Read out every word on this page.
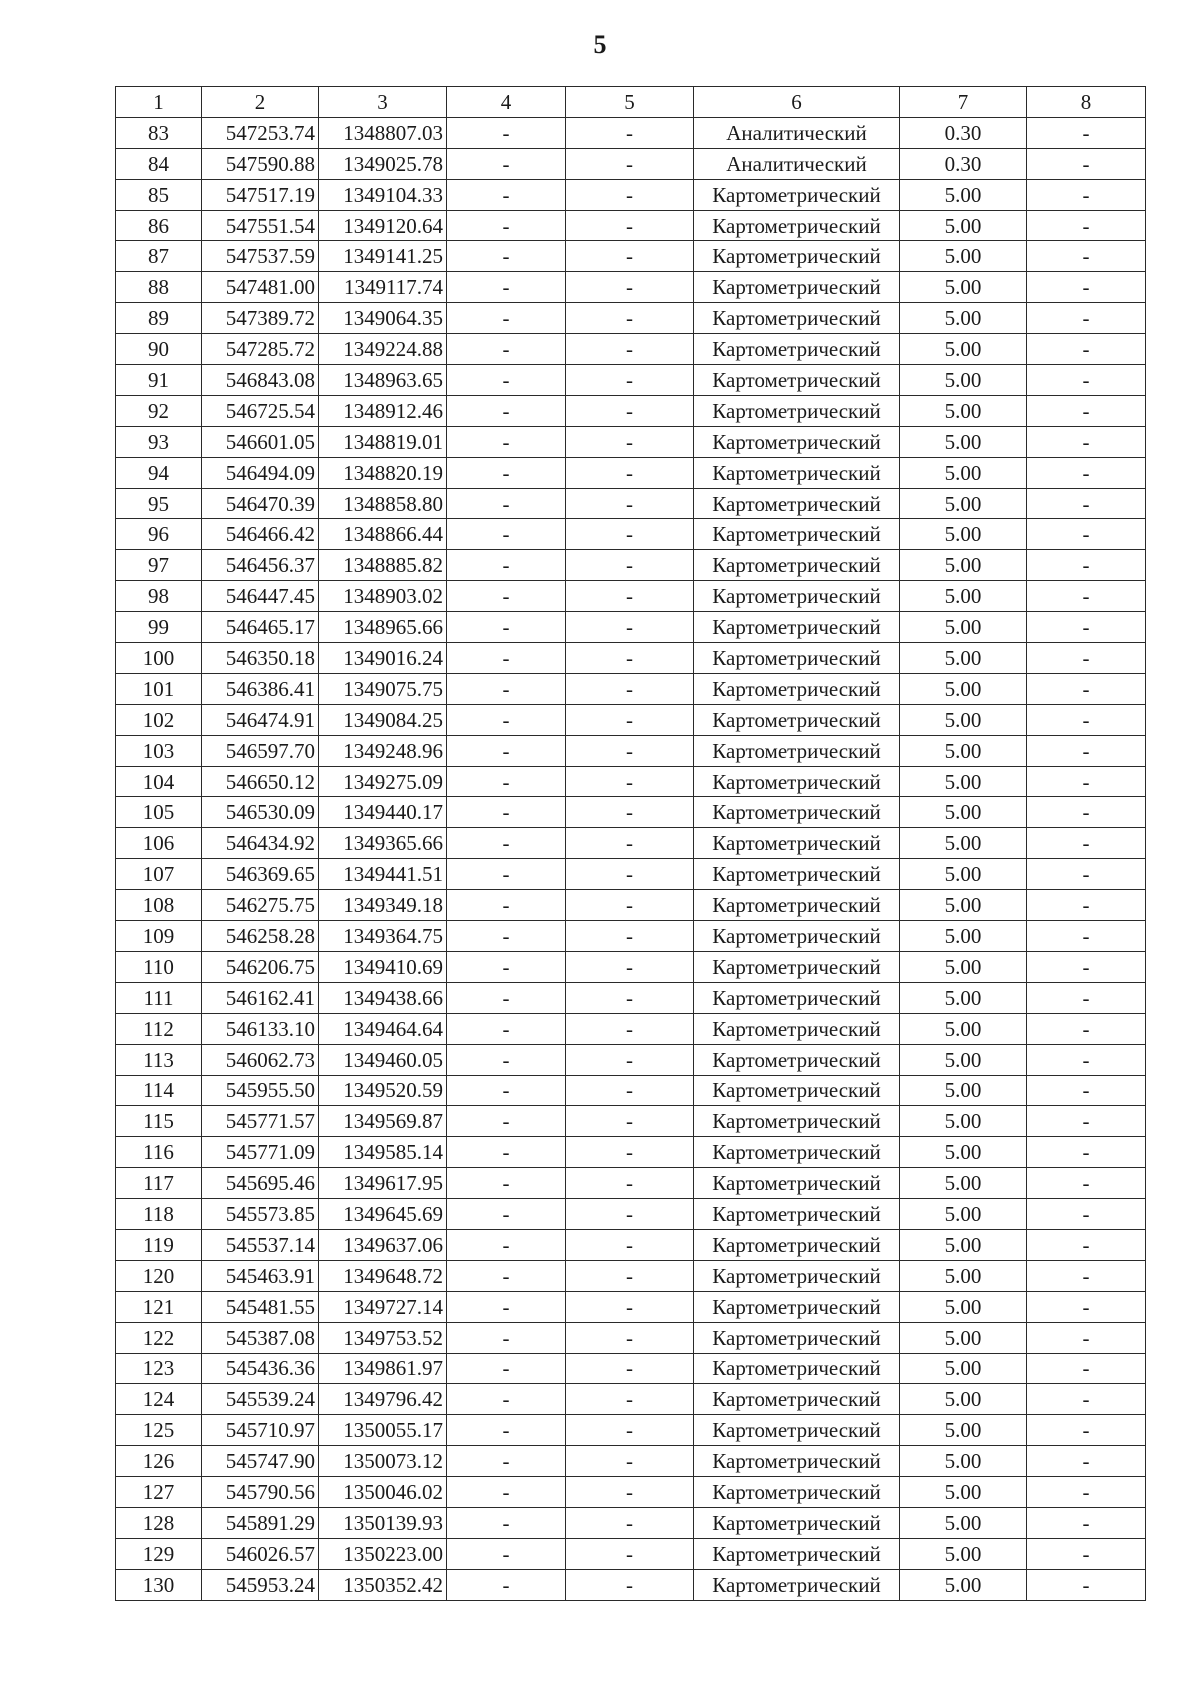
5
1	2	3	4	5	6	7	8
83	547253.74	1348807.03	-	-	Аналитический	0.30	-
84	547590.88	1349025.78	-	-	Аналитический	0.30	-
85	547517.19	1349104.33	-	-	Картометрический	5.00	-
86	547551.54	1349120.64	-	-	Картометрический	5.00	-
87	547537.59	1349141.25	-	-	Картометрический	5.00	-
88	547481.00	1349117.74	-	-	Картометрический	5.00	-
89	547389.72	1349064.35	-	-	Картометрический	5.00	-
90	547285.72	1349224.88	-	-	Картометрический	5.00	-
91	546843.08	1348963.65	-	-	Картометрический	5.00	-
92	546725.54	1348912.46	-	-	Картометрический	5.00	-
93	546601.05	1348819.01	-	-	Картометрический	5.00	-
94	546494.09	1348820.19	-	-	Картометрический	5.00	-
95	546470.39	1348858.80	-	-	Картометрический	5.00	-
96	546466.42	1348866.44	-	-	Картометрический	5.00	-
97	546456.37	1348885.82	-	-	Картометрический	5.00	-
98	546447.45	1348903.02	-	-	Картометрический	5.00	-
99	546465.17	1348965.66	-	-	Картометрический	5.00	-
100	546350.18	1349016.24	-	-	Картометрический	5.00	-
101	546386.41	1349075.75	-	-	Картометрический	5.00	-
102	546474.91	1349084.25	-	-	Картометрический	5.00	-
103	546597.70	1349248.96	-	-	Картометрический	5.00	-
104	546650.12	1349275.09	-	-	Картометрический	5.00	-
105	546530.09	1349440.17	-	-	Картометрический	5.00	-
106	546434.92	1349365.66	-	-	Картометрический	5.00	-
107	546369.65	1349441.51	-	-	Картометрический	5.00	-
108	546275.75	1349349.18	-	-	Картометрический	5.00	-
109	546258.28	1349364.75	-	-	Картометрический	5.00	-
110	546206.75	1349410.69	-	-	Картометрический	5.00	-
111	546162.41	1349438.66	-	-	Картометрический	5.00	-
112	546133.10	1349464.64	-	-	Картометрический	5.00	-
113	546062.73	1349460.05	-	-	Картометрический	5.00	-
114	545955.50	1349520.59	-	-	Картометрический	5.00	-
115	545771.57	1349569.87	-	-	Картометрический	5.00	-
116	545771.09	1349585.14	-	-	Картометрический	5.00	-
117	545695.46	1349617.95	-	-	Картометрический	5.00	-
118	545573.85	1349645.69	-	-	Картометрический	5.00	-
119	545537.14	1349637.06	-	-	Картометрический	5.00	-
120	545463.91	1349648.72	-	-	Картометрический	5.00	-
121	545481.55	1349727.14	-	-	Картометрический	5.00	-
122	545387.08	1349753.52	-	-	Картометрический	5.00	-
123	545436.36	1349861.97	-	-	Картометрический	5.00	-
124	545539.24	1349796.42	-	-	Картометрический	5.00	-
125	545710.97	1350055.17	-	-	Картометрический	5.00	-
126	545747.90	1350073.12	-	-	Картометрический	5.00	-
127	545790.56	1350046.02	-	-	Картометрический	5.00	-
128	545891.29	1350139.93	-	-	Картометрический	5.00	-
129	546026.57	1350223.00	-	-	Картометрический	5.00	-
130	545953.24	1350352.42	-	-	Картометрический	5.00	-
